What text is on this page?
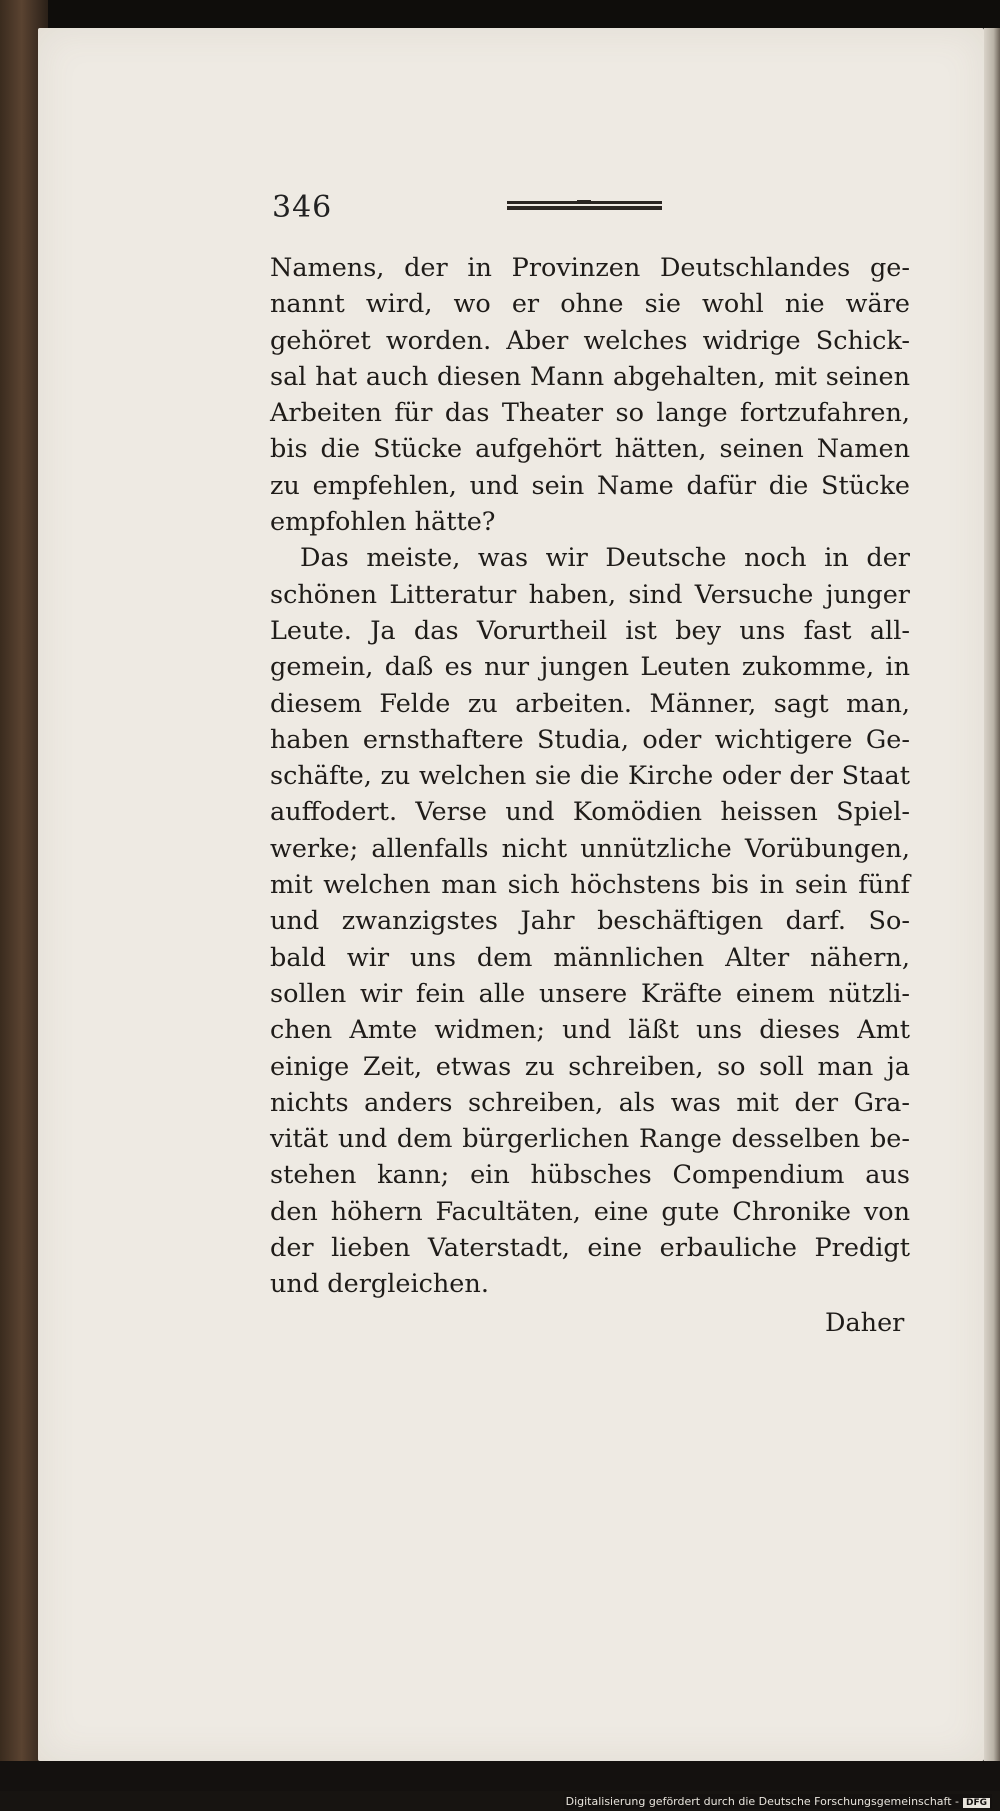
346
Namens, der in Provinzen Deutschlandes ge-
nannt wird, wo er ohne sie wohl nie wäre
gehöret worden. Aber welches widrige Schick-
sal hat auch diesen Mann abgehalten, mit seinen
Arbeiten für das Theater so lange fortzufahren,
bis die Stücke aufgehört hätten, seinen Namen
zu empfehlen, und sein Name dafür die Stücke
empfohlen hätte?
Das meiste, was wir Deutsche noch in der
schönen Litteratur haben, sind Versuche junger
Leute. Ja das Vorurtheil ist bey uns fast all-
gemein, daß es nur jungen Leuten zukomme, in
diesem Felde zu arbeiten. Männer, sagt man,
haben ernsthaftere Studia, oder wichtigere Ge-
schäfte, zu welchen sie die Kirche oder der Staat
auffodert. Verse und Komödien heissen Spiel-
werke; allenfalls nicht unnützliche Vorübungen,
mit welchen man sich höchstens bis in sein fünf
und zwanzigstes Jahr beschäftigen darf. So-
bald wir uns dem männlichen Alter nähern,
sollen wir fein alle unsere Kräfte einem nützli-
chen Amte widmen; und läßt uns dieses Amt
einige Zeit, etwas zu schreiben, so soll man ja
nichts anders schreiben, als was mit der Gra-
vität und dem bürgerlichen Range desselben be-
stehen kann; ein hübsches Compendium aus
den höhern Facultäten, eine gute Chronike von
der lieben Vaterstadt, eine erbauliche Predigt
und dergleichen.
Daher
Digitalisierung gefördert durch die Deutsche Forschungsgemeinschaft - DFG
